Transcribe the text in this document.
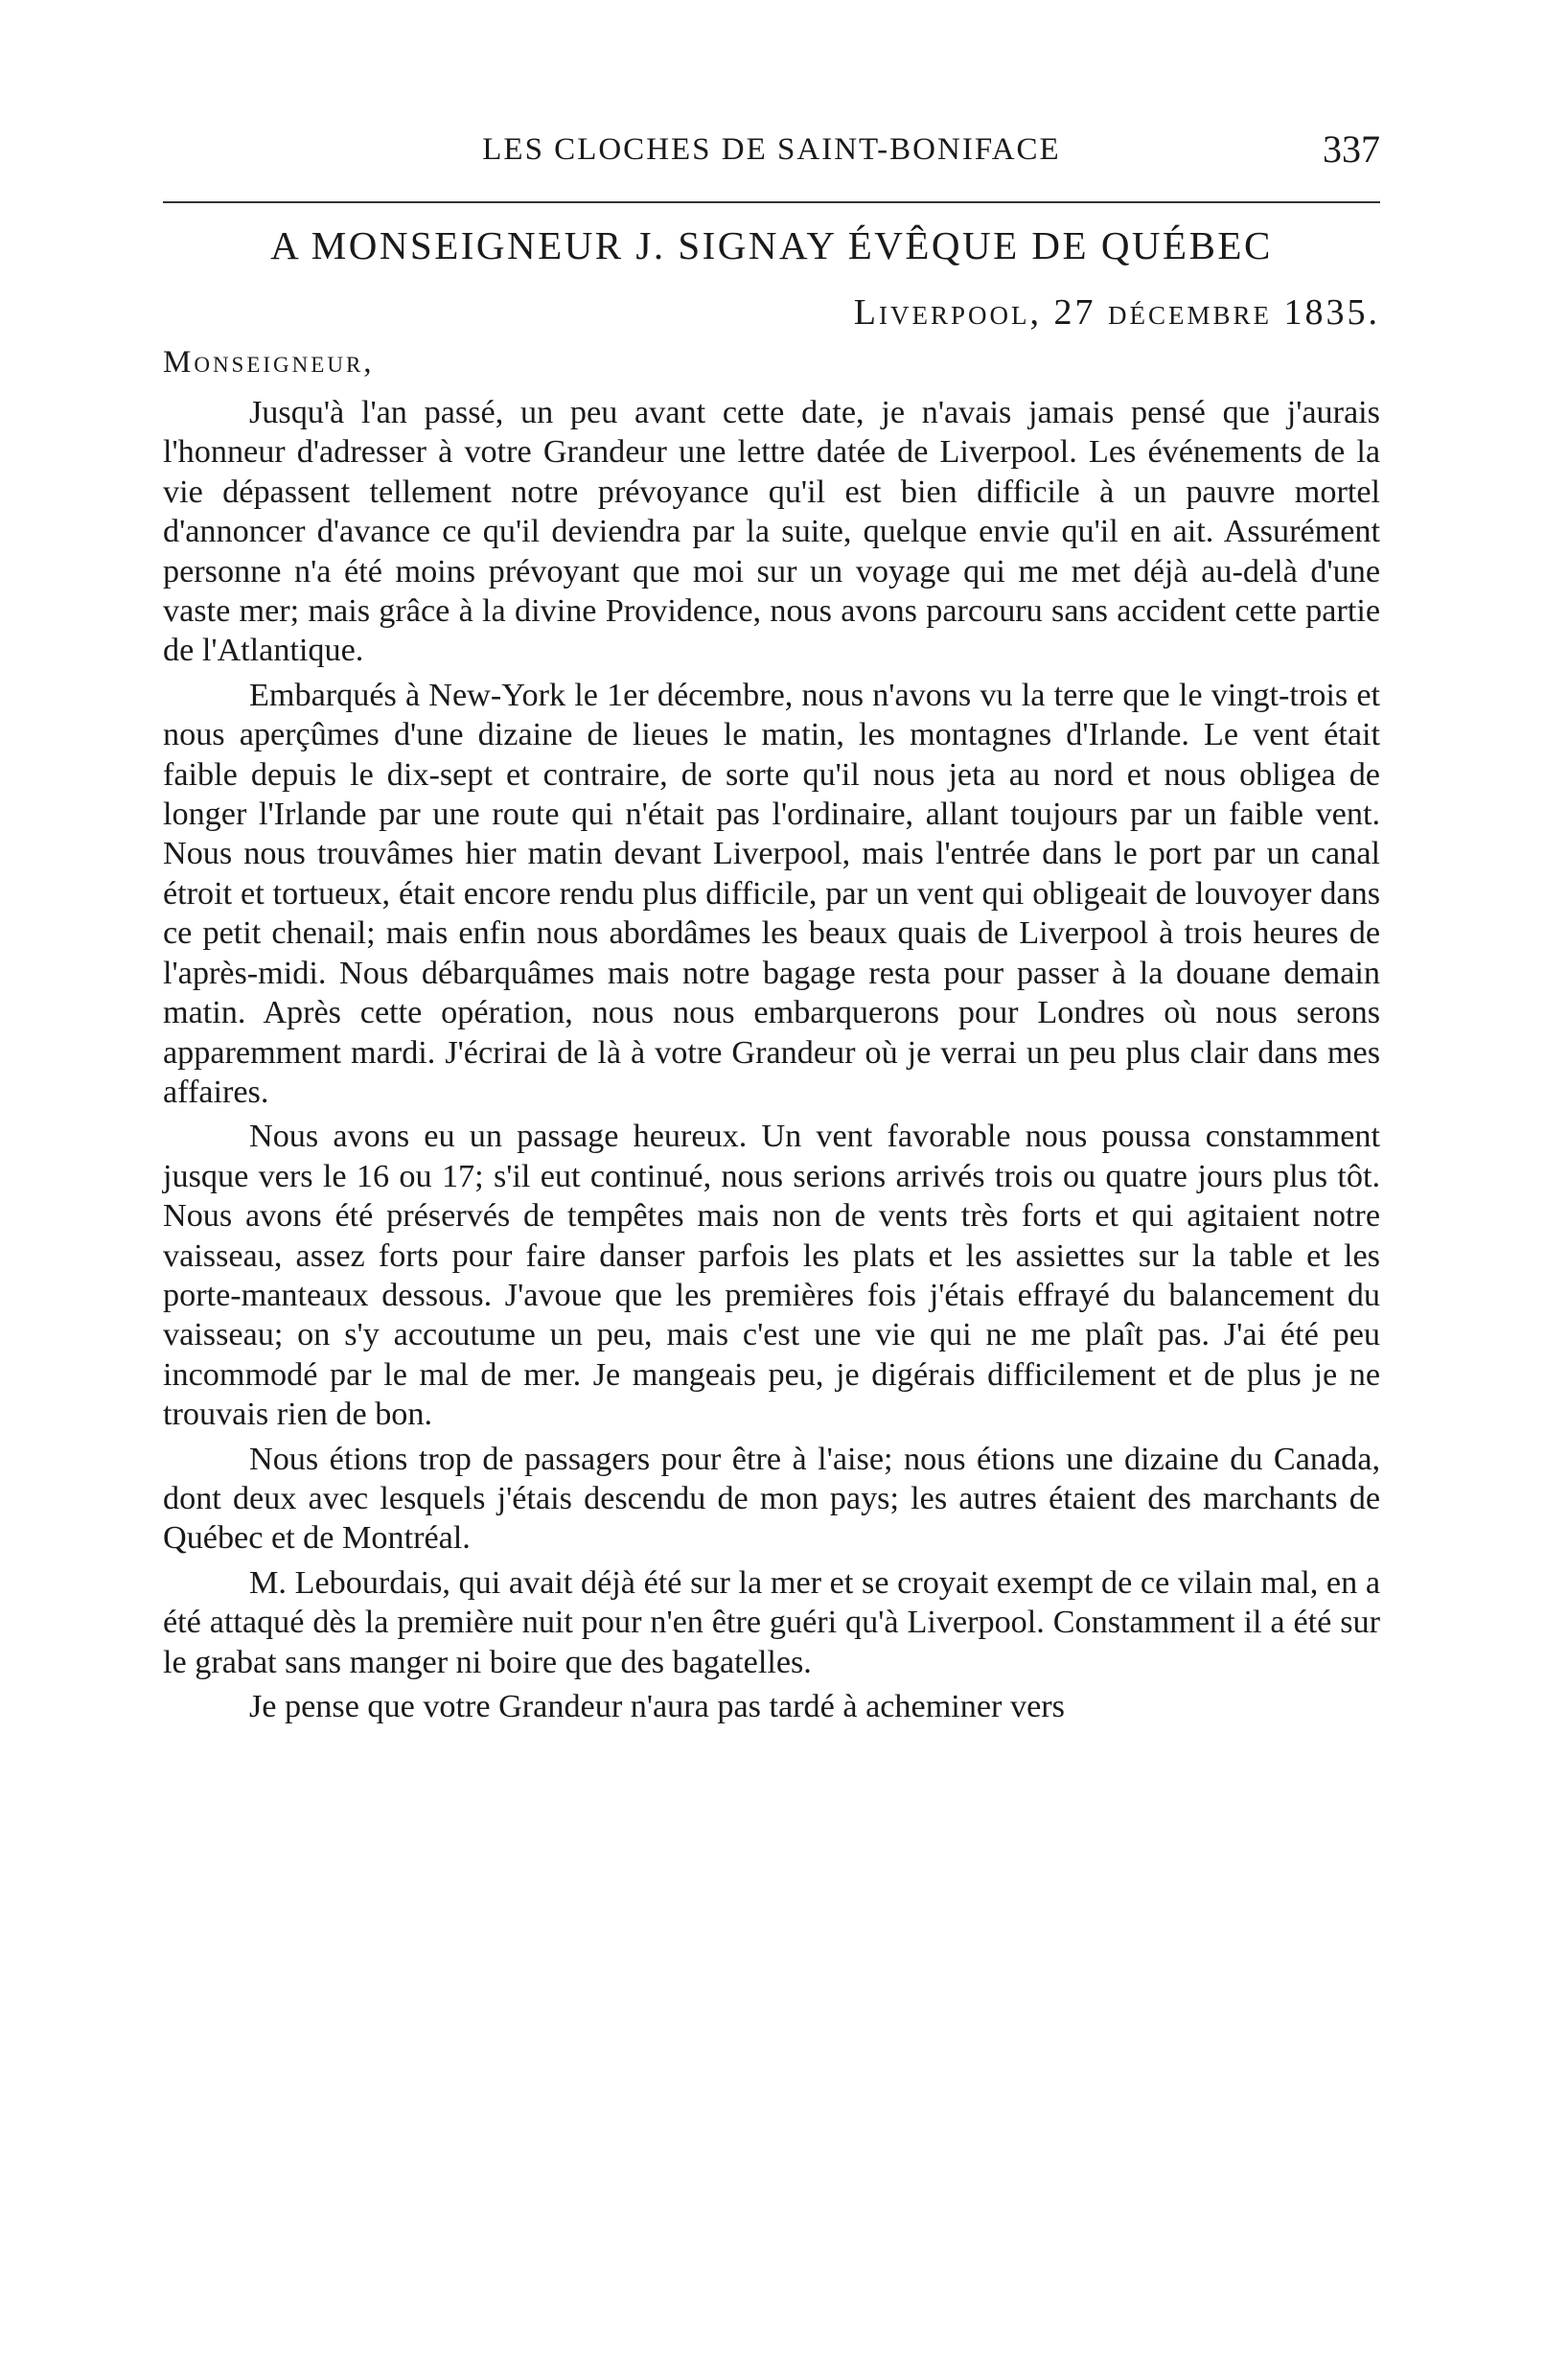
LES CLOCHES DE SAINT-BONIFACE	337
A MONSEIGNEUR J. SIGNAY ÉVÊQUE DE QUÉBEC
Liverpool, 27 décembre 1835.
Monseigneur,

Jusqu'à l'an passé, un peu avant cette date, je n'avais jamais pensé que j'aurais l'honneur d'adresser à votre Grandeur une lettre datée de Liverpool. Les événements de la vie dépassent tellement notre prévoyance qu'il est bien difficile à un pauvre mortel d'annoncer d'avance ce qu'il deviendra par la suite, quelque envie qu'il en ait. Assurément personne n'a été moins prévoyant que moi sur un voyage qui me met déjà au-delà d'une vaste mer; mais grâce à la divine Providence, nous avons parcouru sans accident cette partie de l'Atlantique.

Embarqués à New-York le 1er décembre, nous n'avons vu la terre que le vingt-trois et nous aperçûmes d'une dizaine de lieues le matin, les montagnes d'Irlande. Le vent était faible depuis le dix-sept et contraire, de sorte qu'il nous jeta au nord et nous obligea de longer l'Irlande par une route qui n'était pas l'ordinaire, allant toujours par un faible vent. Nous nous trouvâmes hier matin devant Liverpool, mais l'entrée dans le port par un canal étroit et tortueux, était encore rendu plus difficile, par un vent qui obligeait de louvoyer dans ce petit chenail; mais enfin nous abordâmes les beaux quais de Liverpool à trois heures de l'après-midi. Nous débarquâmes mais notre bagage resta pour passer à la douane demain matin. Après cette opération, nous nous embarquerons pour Londres où nous serons apparemment mardi. J'écrirai de là à votre Grandeur où je verrai un peu plus clair dans mes affaires.

Nous avons eu un passage heureux. Un vent favorable nous poussa constamment jusque vers le 16 ou 17; s'il eut continué, nous serions arrivés trois ou quatre jours plus tôt. Nous avons été préservés de tempêtes mais non de vents très forts et qui agitaient notre vaisseau, assez forts pour faire danser parfois les plats et les assiettes sur la table et les porte-manteaux dessous. J'avoue que les premières fois j'étais effrayé du balancement du vaisseau; on s'y accoutume un peu, mais c'est une vie qui ne me plaît pas. J'ai été peu incommodé par le mal de mer. Je mangeais peu, je digérais difficilement et de plus je ne trouvais rien de bon.

Nous étions trop de passagers pour être à l'aise; nous étions une dizaine du Canada, dont deux avec lesquels j'étais descendu de mon pays; les autres étaient des marchants de Québec et de Montréal.

M. Lebourdais, qui avait déjà été sur la mer et se croyait exempt de ce vilain mal, en a été attaqué dès la première nuit pour n'en être guéri qu'à Liverpool. Constamment il a été sur le grabat sans manger ni boire que des bagatelles.

Je pense que votre Grandeur n'aura pas tardé à acheminer vers
